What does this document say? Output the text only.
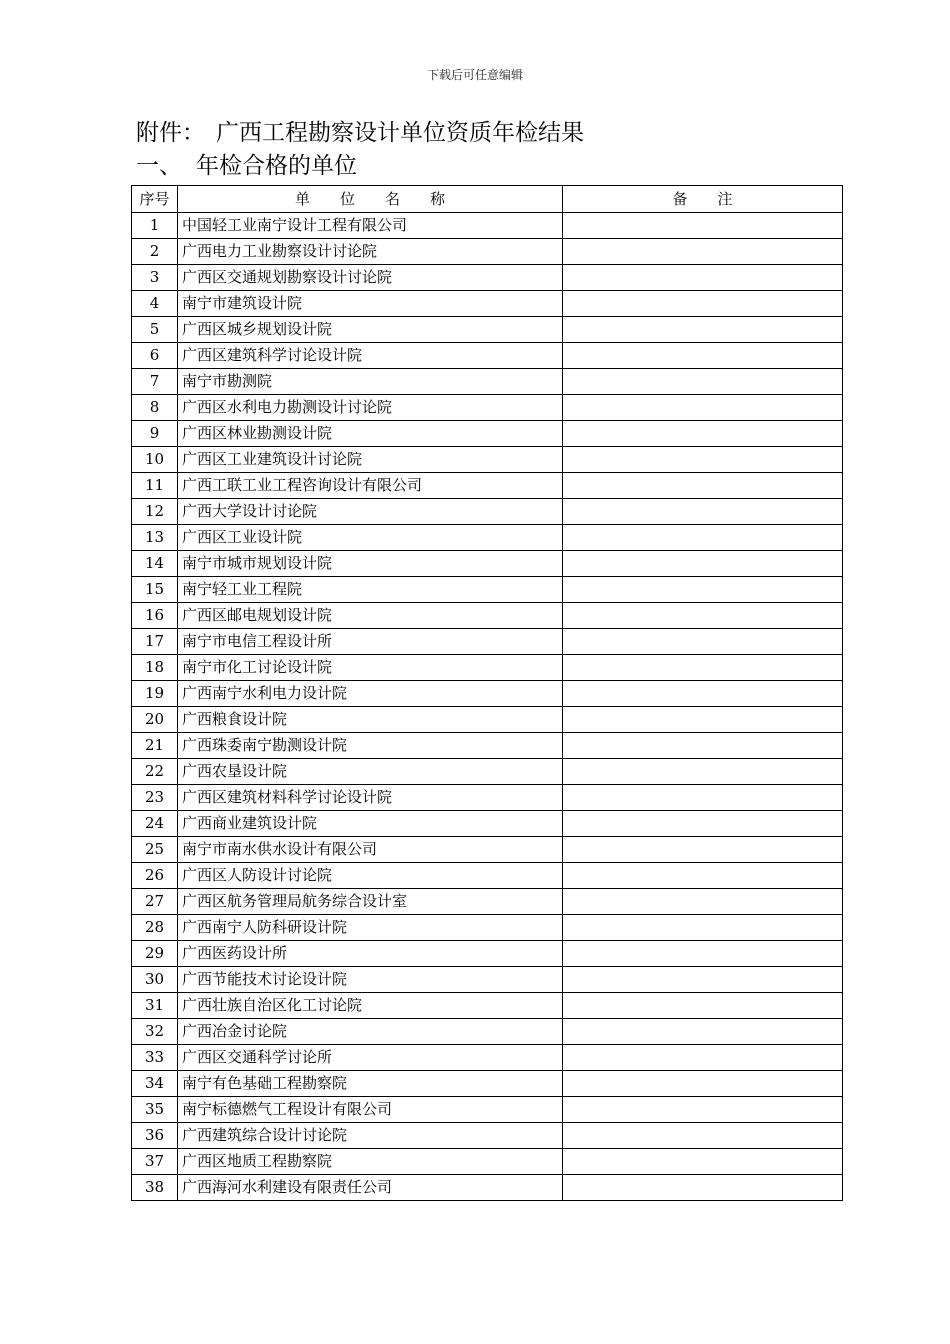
下载后可任意编辑
附件： 广西工程勘察设计单位资质年检结果
一、 年检合格的单位
序号	单　　位　　名　　称	备　　注
1	中国轻工业南宁设计工程有限公司	
2	广西电力工业勘察设计讨论院	
3	广西区交通规划勘察设计讨论院	
4	南宁市建筑设计院	
5	广西区城乡规划设计院	
6	广西区建筑科学讨论设计院	
7	南宁市勘测院	
8	广西区水利电力勘测设计讨论院	
9	广西区林业勘测设计院	
10	广西区工业建筑设计讨论院	
11	广西工联工业工程咨询设计有限公司	
12	广西大学设计讨论院	
13	广西区工业设计院	
14	南宁市城市规划设计院	
15	南宁轻工业工程院	
16	广西区邮电规划设计院	
17	南宁市电信工程设计所	
18	南宁市化工讨论设计院	
19	广西南宁水利电力设计院	
20	广西粮食设计院	
21	广西珠委南宁勘测设计院	
22	广西农垦设计院	
23	广西区建筑材料科学讨论设计院	
24	广西商业建筑设计院	
25	南宁市南水供水设计有限公司	
26	广西区人防设计讨论院	
27	广西区航务管理局航务综合设计室	
28	广西南宁人防科研设计院	
29	广西医药设计所	
30	广西节能技术讨论设计院	
31	广西壮族自治区化工讨论院	
32	广西冶金讨论院	
33	广西区交通科学讨论所	
34	南宁有色基础工程勘察院	
35	南宁标德燃气工程设计有限公司	
36	广西建筑综合设计讨论院	
37	广西区地质工程勘察院	
38	广西海河水利建设有限责任公司	
